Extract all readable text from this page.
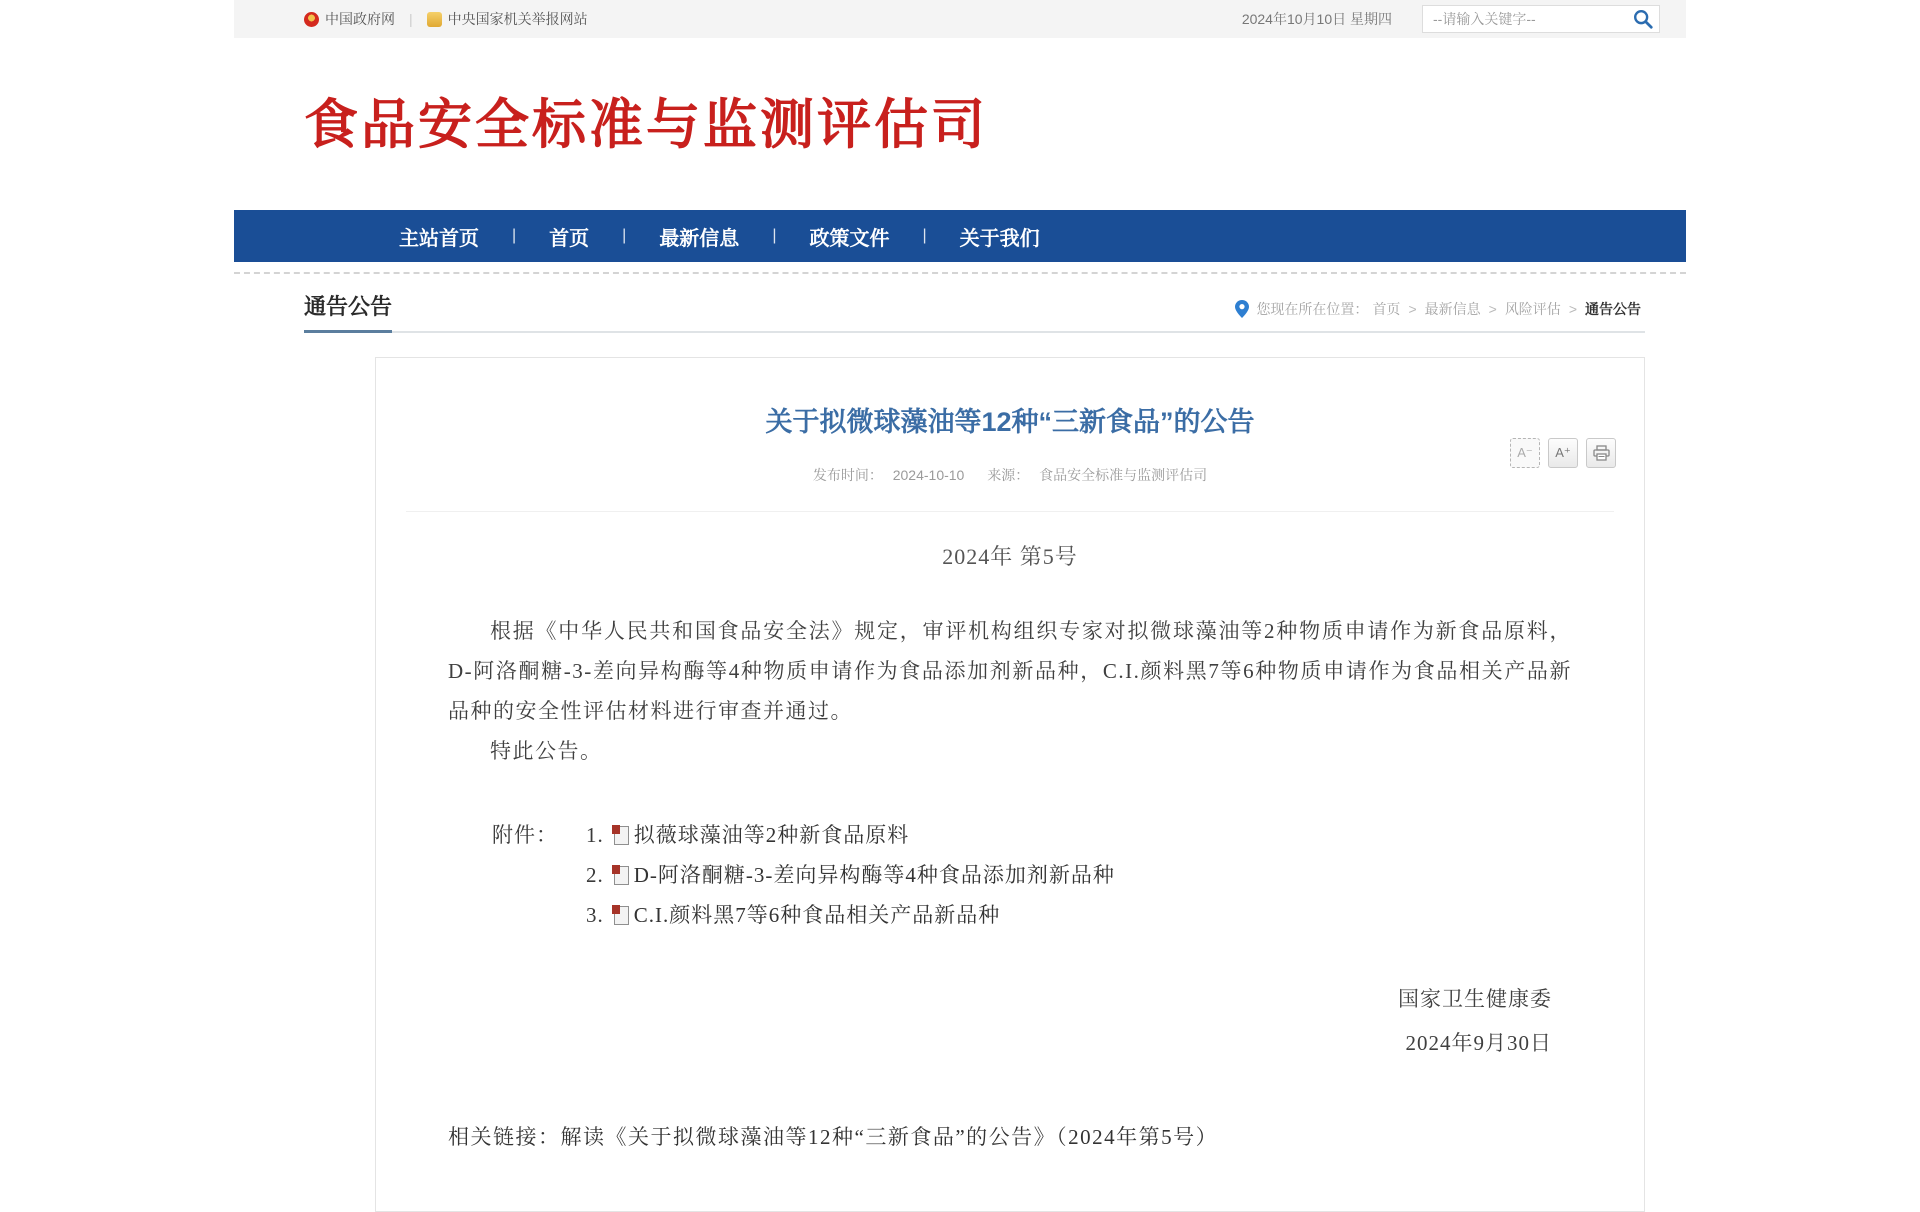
中国政府网 |	中央国家机关举报网站	2024年10月10日 星期四
--请输入关键字--
食品安全标准与监测评估司
主站首页 | 首页 | 最新信息 | 政策文件 | 关于我们
通告公告	您现在所在位置： 首页 > 最新信息 > 风险评估 > 通告公告
关于拟微球藻油等12种“三新食品”的公告
发布时间： 2024-10-10 来源： 食品安全标准与监测评估司
A⁻	A⁺
2024年 第5号

根据《中华人民共和国食品安全法》规定，审评机构组织专家对拟微球藻油等2种物质申请作为新食品原料，D-阿洛酮糖-3-差向异构酶等4种物质申请作为食品添加剂新品种，C.I.颜料黑7等6种物质申请作为食品相关产品新品种的安全性评估材料进行审查并通过。

特此公告。

附件：	1. 拟薇球藻油等2种新食品原料
2. D-阿洛酮糖-3-差向异构酶等4种食品添加剂新品种
3. C.I.颜料黑7等6种食品相关产品新品种
国家卫生健康委
2024年9月30日
相关链接：解读《关于拟微球藻油等12种“三新食品”的公告》（2024年第5号）
